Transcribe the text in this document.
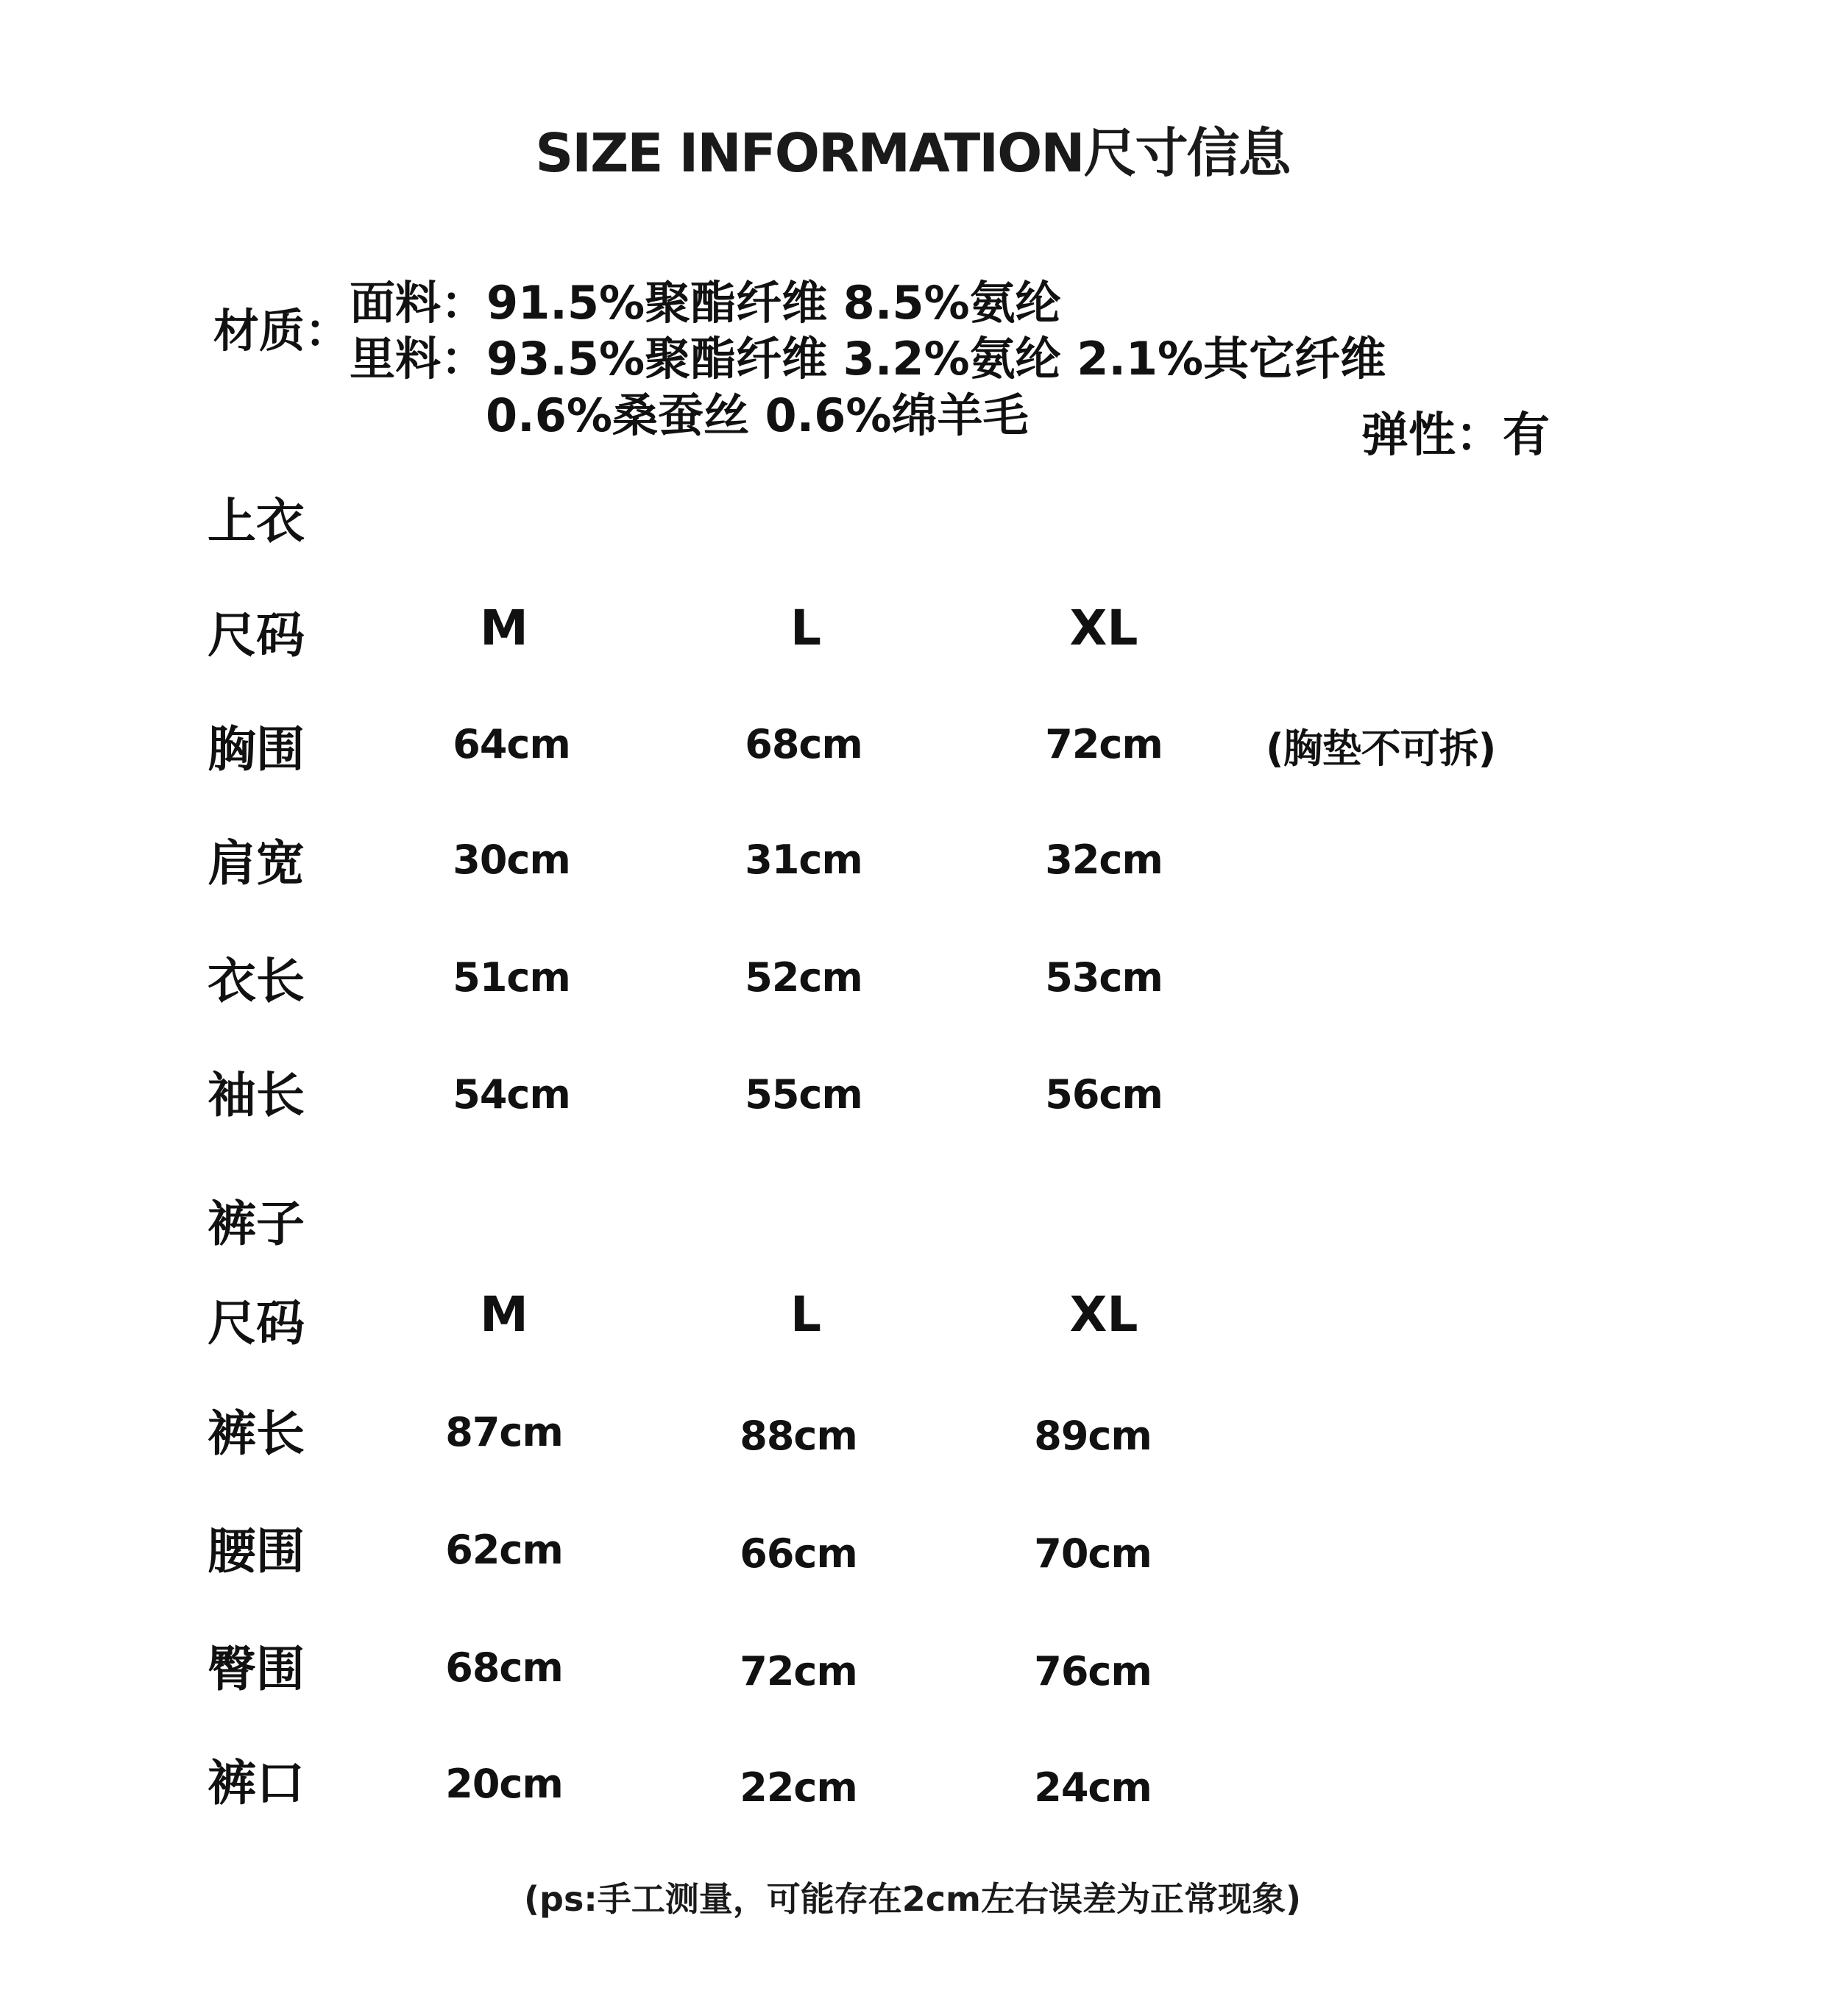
SIZE INFORMATION尺寸信息
材质：
面料：91.5%聚酯纤维 8.5%氨纶
里料：93.5%聚酯纤维 3.2%氨纶 2.1%其它纤维
0.6%桑蚕丝 0.6%绵羊毛	弹性：有
上衣
尺码	M	L	XL
胸围	64cm	68cm	72cm	(胸垫不可拆)
肩宽	30cm	31cm	32cm
衣长	51cm	52cm	53cm
袖长	54cm	55cm	56cm
裤子
尺码	M	L	XL
裤长	87cm	88cm	89cm
腰围	62cm	66cm	70cm
臀围	68cm	72cm	76cm
裤口	20cm	22cm	24cm
(ps:手工测量，可能存在2cm左右误差为正常现象)
